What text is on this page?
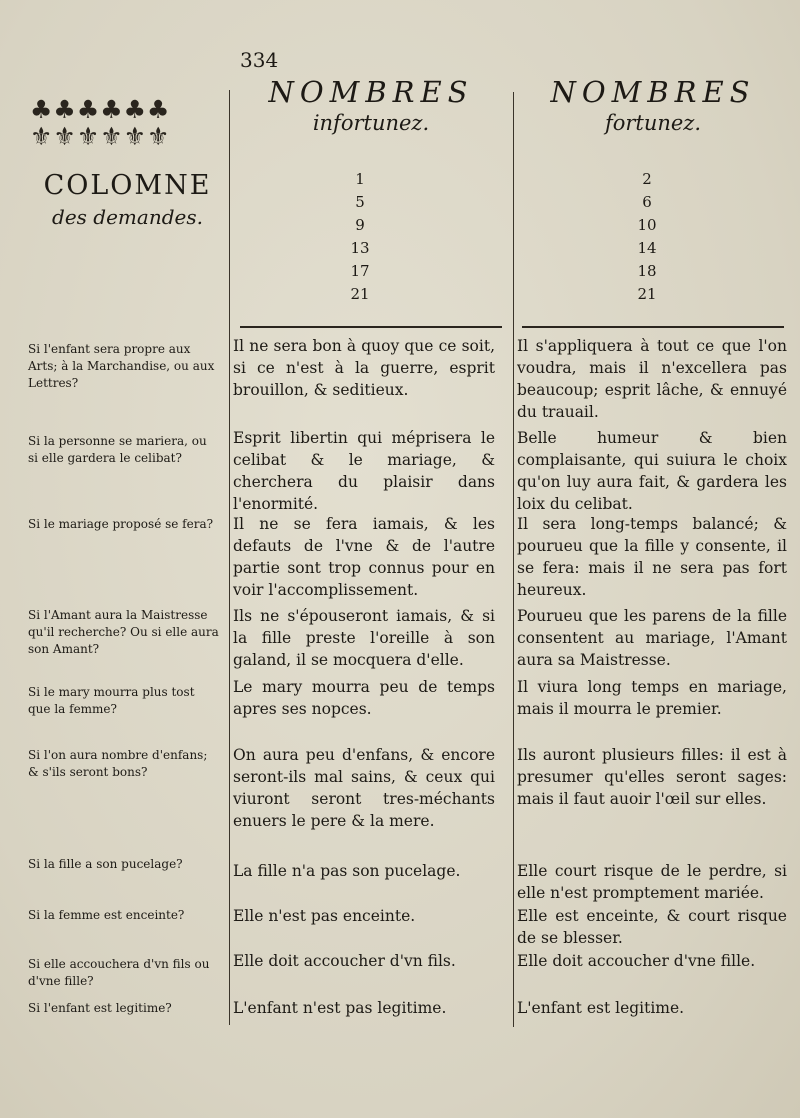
334
♣♣♣♣♣♣
⚜⚜⚜⚜⚜⚜
COLOMNE
des demandes.
NOMBRES
infortunez.
NOMBRES
fortunez.
1
5
9
13
17
21
2
6
10
14
18
21
Si l'enfant sera propre aux Arts; à la Marchandise, ou aux Lettres?
Si la personne se mariera, ou si elle gardera le celibat?
Si le mariage proposé se fera?
Si l'Amant aura la Maistresse qu'il recherche? Ou si elle aura son Amant?
Si le mary mourra plus tost que la femme?
Si l'on aura nombre d'enfans; & s'ils seront bons?
Si la fille a son pucelage?
Si la femme est enceinte?
Si elle accouchera d'vn fils ou d'vne fille?
Si l'enfant est legitime?
Il ne sera bon à quoy que ce soit, si ce n'est à la guerre, esprit brouillon, & seditieux.
Esprit libertin qui méprisera le celibat & le mariage, & cherchera du plaisir dans l'enormité.
Il ne se fera iamais, & les defauts de l'vne & de l'autre partie sont trop connus pour en voir l'accomplissement.
Ils ne s'épouseront iamais, & si la fille preste l'oreille à son galand, il se mocquera d'elle.
Le mary mourra peu de temps apres ses nopces.
On aura peu d'enfans, & encore seront-ils mal sains, & ceux qui viuront seront tres-méchants enuers le pere & la mere.
La fille n'a pas son pucelage.
Elle n'est pas enceinte.
Elle doit accoucher d'vn fils.
L'enfant n'est pas legitime.
Il s'appliquera à tout ce que l'on voudra, mais il n'excellera pas beaucoup; esprit lâche, & ennuyé du trauail.
Belle humeur & bien complaisante, qui suiura le choix qu'on luy aura fait, & gardera les loix du celibat.
Il sera long-temps balancé; & pourueu que la fille y consente, il se fera: mais il ne sera pas fort heureux.
Pourueu que les parens de la fille consentent au mariage, l'Amant aura sa Maistresse.
Il viura long temps en mariage, mais il mourra le premier.
Ils auront plusieurs filles: il est à presumer qu'elles seront sages: mais il faut auoir l'œil sur elles.
Elle court risque de le perdre, si elle n'est promptement mariée.
Elle est enceinte, & court risque de se blesser.
Elle doit accoucher d'vne fille.
L'enfant est legitime.
